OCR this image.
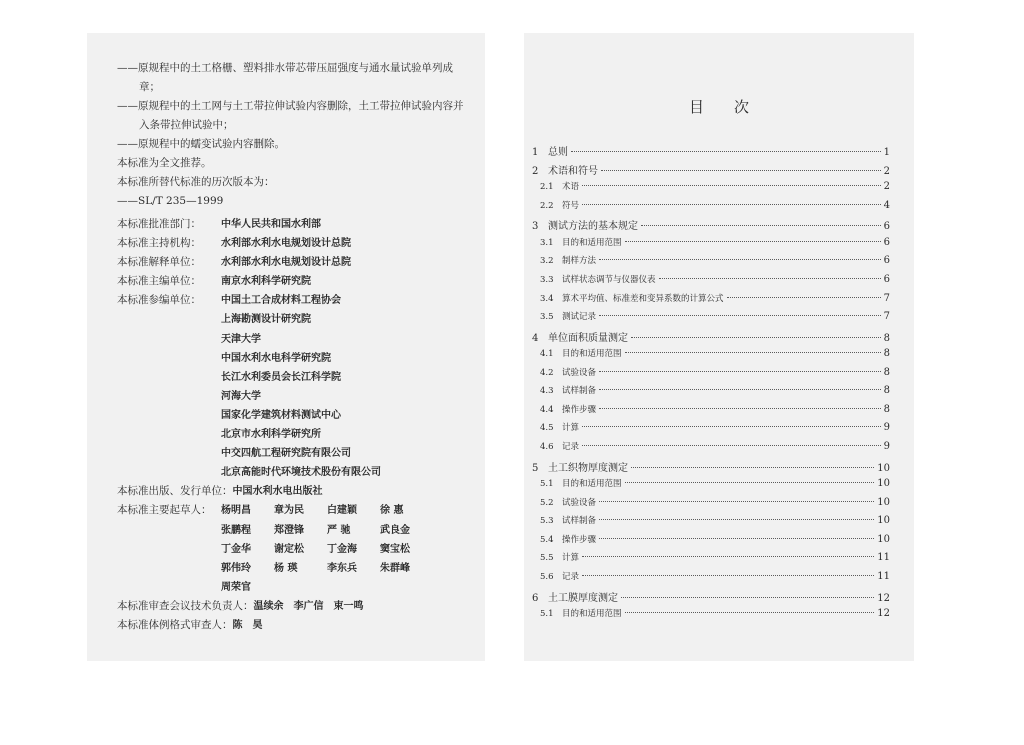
——原规程中的土工格栅、塑料排水带芯带压屈强度与通水量试验单列成章；
——原规程中的土工网与土工带拉伸试验内容删除，土工带拉伸试验内容并入条带拉伸试验中；
——原规程中的蠕变试验内容删除。
本标准为全文推荐。
本标准所替代标准的历次版本为：
——SL/T 235—1999
本标准批准部门：	中华人民共和国水利部
本标准主持机构：	水利部水利水电规划设计总院
本标准解释单位：	水利部水利水电规划设计总院
本标准主编单位：	南京水利科学研究院
本标准参编单位：	中国土工合成材料工程协会
上海勘测设计研究院
天津大学
中国水利水电科学研究院
长江水利委员会长江科学院
河海大学
国家化学建筑材料测试中心
北京市水利科学研究所
中交四航工程研究院有限公司
北京高能时代环境技术股份有限公司
本标准出版、发行单位： 中国水利水电出版社
本标准主要起草人： 杨明昌	章为民	白建颖	徐 惠
张鹏程	郑澄锋	严 驰	武良金
丁金华	谢定松	丁金海	窦宝松
郭伟玲	杨 瑛	李东兵	朱群峰
周荣官
本标准审查会议技术负责人： 温续余　李广信　束一鸣
本标准体例格式审查人： 陈　昊
目次
1 总则	1
2 术语和符号	2
2.1 术语	2
2.2 符号	4
3 测试方法的基本规定	6
3.1 目的和适用范围	6
3.2 制样方法	6
3.3 试样状态调节与仪器仪表	6
3.4 算术平均值、标准差和变异系数的计算公式	7
3.5 测试记录	7
4 单位面积质量测定	8
4.1 目的和适用范围	8
4.2 试验设备	8
4.3 试样制备	8
4.4 操作步骤	8
4.5 计算	9
4.6 记录	9
5 土工织物厚度测定	10
5.1 目的和适用范围	10
5.2 试验设备	10
5.3 试样制备	10
5.4 操作步骤	10
5.5 计算	11
5.6 记录	11
6 土工膜厚度测定	12
5.1 目的和适用范围	12
